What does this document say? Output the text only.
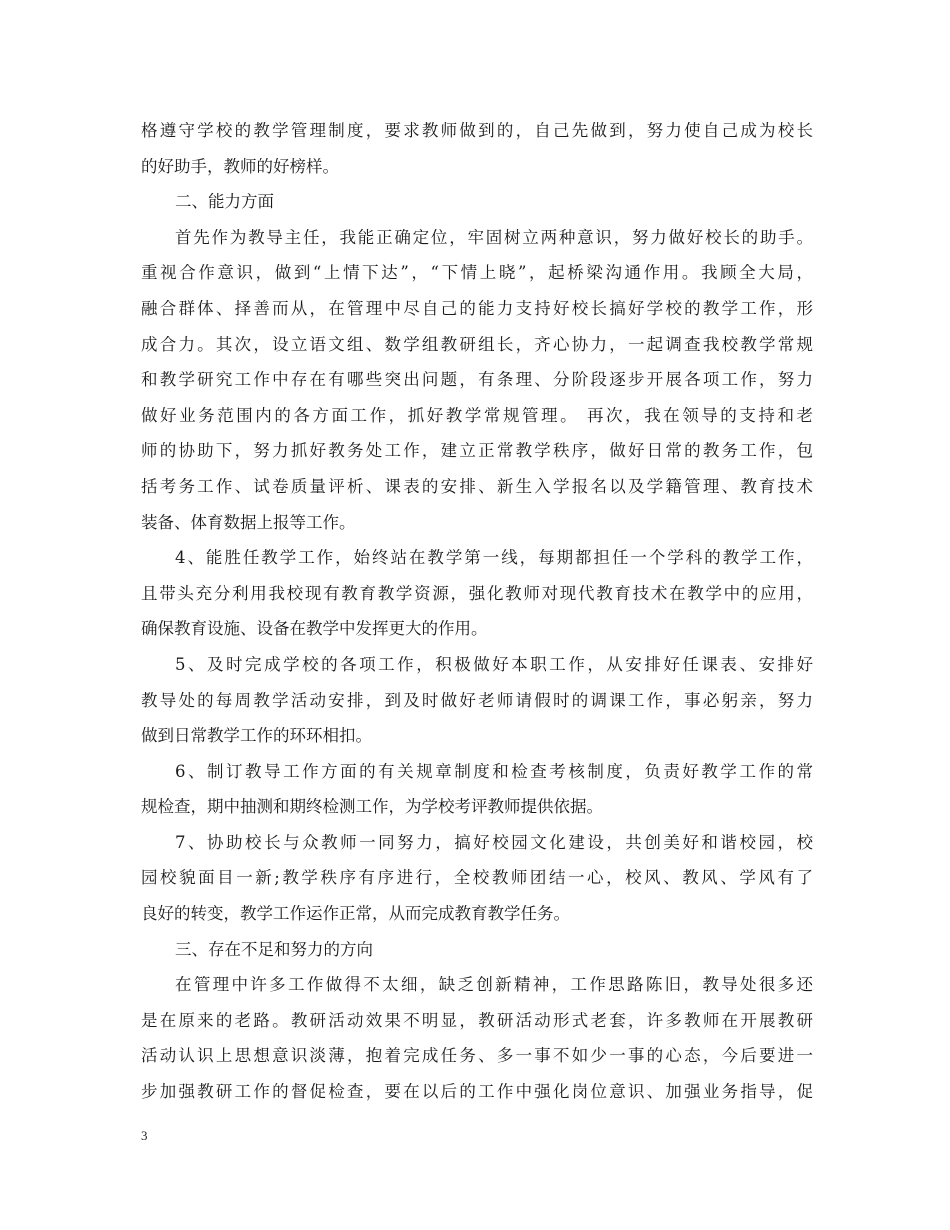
格遵守学校的教学管理制度，要求教师做到的，自己先做到，努力使自己成为校长
的好助手，教师的好榜样。
二、能力方面
首先作为教导主任，我能正确定位，牢固树立两种意识，努力做好校长的助手。
重视合作意识，做到“上情下达”，“下情上晓”，起桥梁沟通作用。我顾全大局，
融合群体、择善而从，在管理中尽自己的能力支持好校长搞好学校的教学工作，形
成合力。其次，设立语文组、数学组教研组长，齐心协力，一起调查我校教学常规
和教学研究工作中存在有哪些突出问题，有条理、分阶段逐步开展各项工作，努力
做好业务范围内的各方面工作，抓好教学常规管理。 再次，我在领导的支持和老
师的协助下，努力抓好教务处工作，建立正常教学秩序，做好日常的教务工作，包
括考务工作、试卷质量评析、课表的安排、新生入学报名以及学籍管理、教育技术
装备、体育数据上报等工作。
4、能胜任教学工作，始终站在教学第一线，每期都担任一个学科的教学工作，
且带头充分利用我校现有教育教学资源，强化教师对现代教育技术在教学中的应用，
确保教育设施、设备在教学中发挥更大的作用。
5、及时完成学校的各项工作，积极做好本职工作，从安排好任课表、安排好
教导处的每周教学活动安排，到及时做好老师请假时的调课工作，事必躬亲，努力
做到日常教学工作的环环相扣。
6、制订教导工作方面的有关规章制度和检查考核制度，负责好教学工作的常
规检查，期中抽测和期终检测工作，为学校考评教师提供依据。
7、协助校长与众教师一同努力，搞好校园文化建设，共创美好和谐校园，校
园校貌面目一新;教学秩序有序进行，全校教师团结一心，校风、教风、学风有了
良好的转变，教学工作运作正常，从而完成教育教学任务。
三、存在不足和努力的方向
在管理中许多工作做得不太细，缺乏创新精神，工作思路陈旧，教导处很多还
是在原来的老路。教研活动效果不明显，教研活动形式老套，许多教师在开展教研
活动认识上思想意识淡薄，抱着完成任务、多一事不如少一事的心态，今后要进一
步加强教研工作的督促检查，要在以后的工作中强化岗位意识、加强业务指导，促
3
